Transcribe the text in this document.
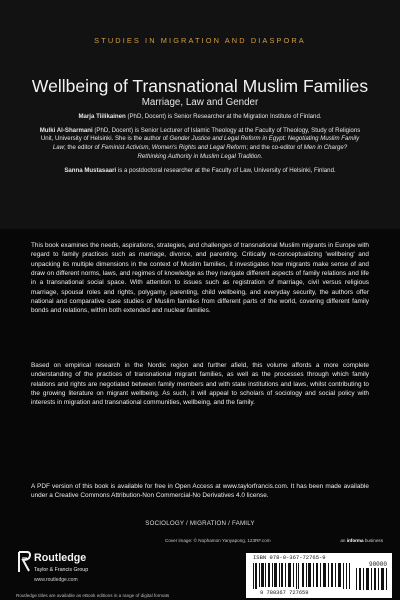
STUDIES IN MIGRATION AND DIASPORA
Wellbeing of Transnational Muslim Families
Marriage, Law and Gender
Marja Tiilikainen (PhD, Docent) is Senior Researcher at the Migration Institute of Finland.
Mulki Al-Sharmani (PhD, Docent) is Senior Lecturer of Islamic Theology at the Faculty of Theology, Study of Religions Unit, University of Helsinki. She is the author of Gender Justice and Legal Reform in Egypt: Negotiating Muslim Family Law; the editor of Feminist Activism, Women's Rights and Legal Reform; and the co-editor of Men in Charge? Rethinking Authority in Muslim Legal Tradition.
Sanna Mustasaari is a postdoctoral researcher at the Faculty of Law, University of Helsinki, Finland.
This book examines the needs, aspirations, strategies, and challenges of transnational Muslim migrants in Europe with regard to family practices such as marriage, divorce, and parenting. Critically re-conceptualizing 'wellbeing' and unpacking its multiple dimensions in the context of Muslim families, it investigates how migrants make sense of and draw on different norms, laws, and regimes of knowledge as they navigate different aspects of family relations and life in a transnational social space. With attention to issues such as registration of marriage, civil versus religious marriage, spousal roles and rights, polygamy, parenting, child wellbeing, and everyday security, the authors offer national and comparative case studies of Muslim families from different parts of the world, covering different family bonds and relations, within both extended and nuclear families.
Based on empirical research in the Nordic region and further afield, this volume affords a more complete understanding of the practices of transnational migrant families, as well as the processes through which family relations and rights are negotiated between family members and with state institutions and laws, whilst contributing to the growing literature on migrant wellbeing. As such, it will appeal to scholars of sociology and social policy with interests in migration and transnational communities, wellbeing, and the family.
A PDF version of this book is available for free in Open Access at www.taylorfrancis.com. It has been made available under a Creative Commons Attribution-Non Commercial-No Derivatives 4.0 license.
SOCIOLOGY / MIGRATION / FAMILY
Cover image: © Nophamon Yanyapong, 123RF.com	an informa business
Routledge
Taylor & Francis Group
www.routledge.com
Routledge titles are available as eBook editions in a range of digital formats
ISBN 978-0-367-72765-9
90000
9 780367 727659
